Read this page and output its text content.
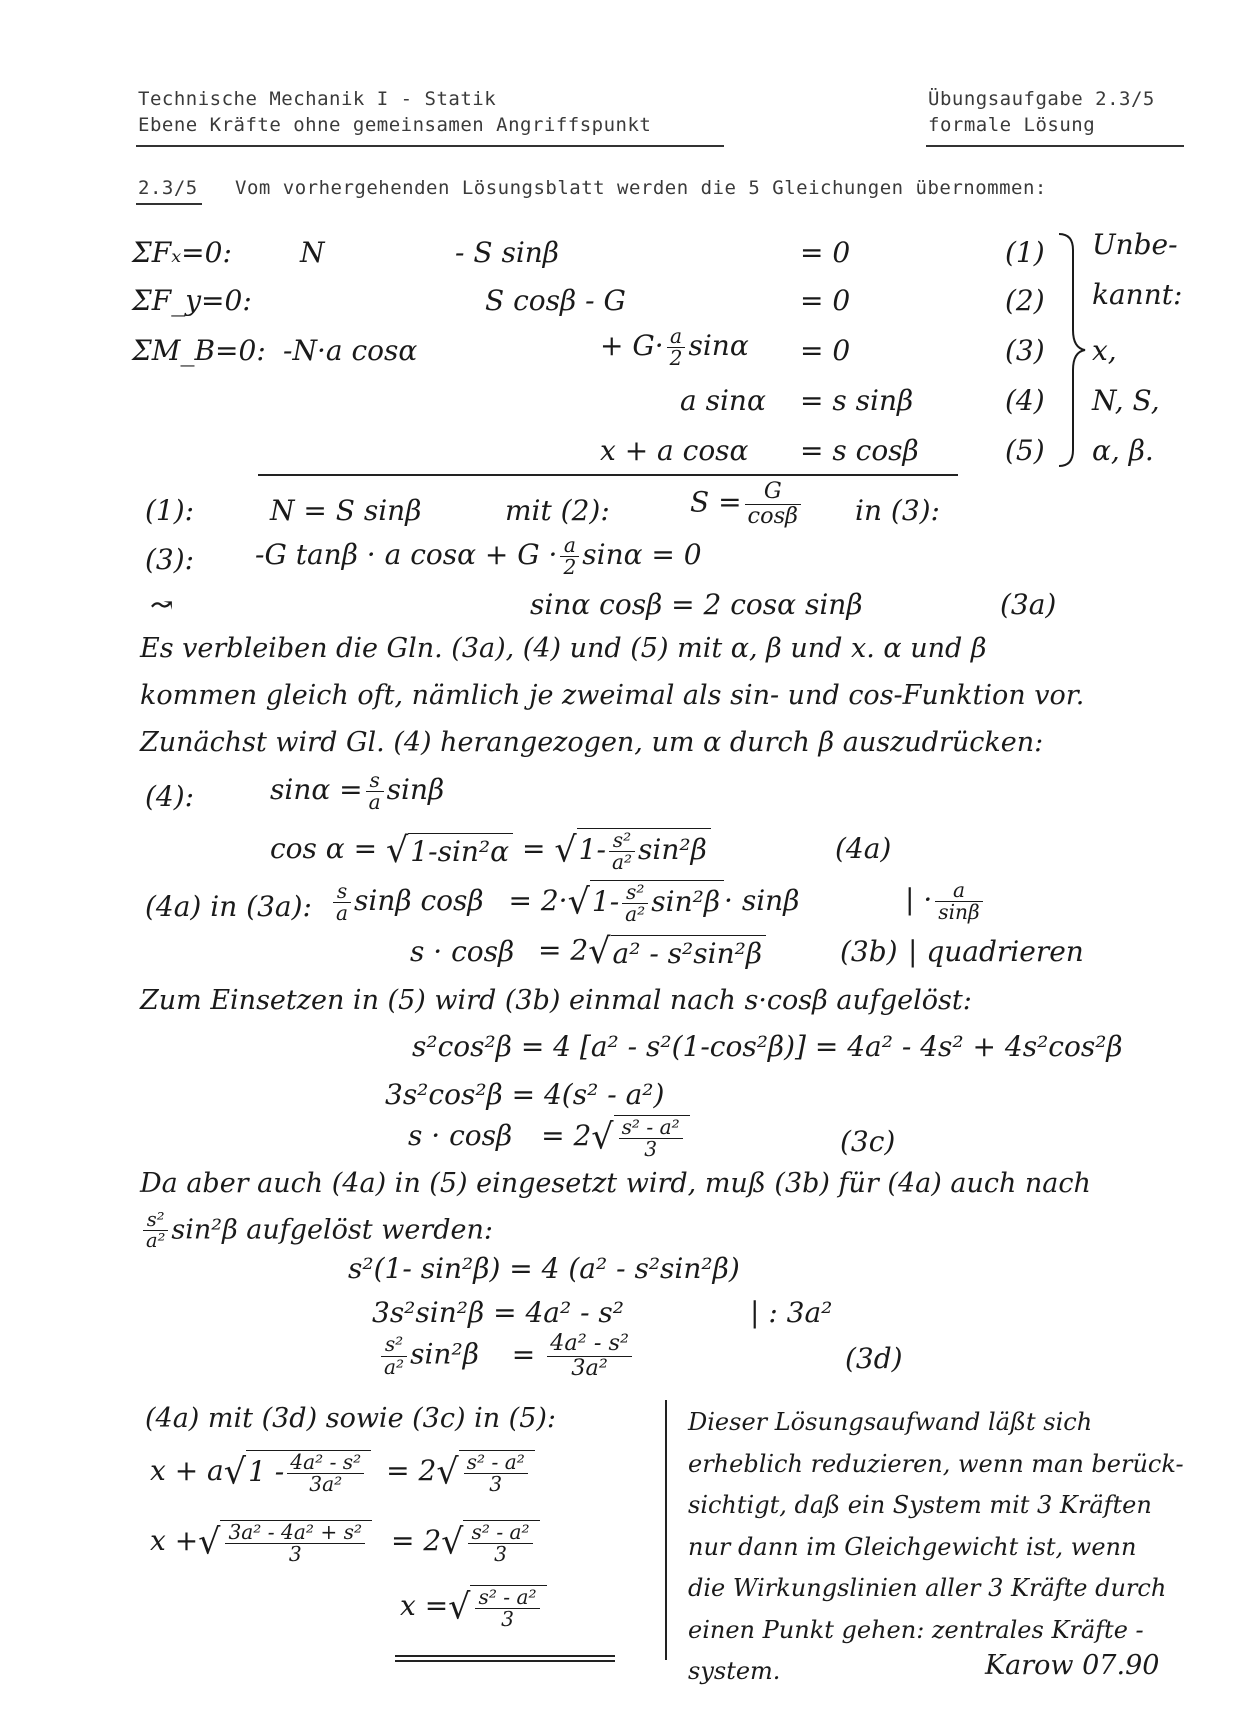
Technische Mechanik I - Statik
Ebene Kräfte ohne gemeinsamen Angriffspunkt
Übungsaufgabe 2.3/5
formale Lösung
2.3/5 Vom vorhergehenden Lösungsblatt werden die 5 Gleichungen übernommen:
ΣFₓ=0: N	- S sinβ	= 0	(1)
ΣF_y=0:	S cosβ - G	= 0	(2)
ΣM_B=0: -N·a cosα	+ $G\cdot \frac{a}{2}$ sinα = 0	(3)
a sinα = s sinβ	(4)
x + a cosα = s cosβ	(5)
Unbe-
kannt:
x,
N, S,
α, β.
(1):	N = S sinβ	mit (2):	$S = \frac{G}{\cos\beta}$ in (3):
(3): -G tanβ · a $\cos\alpha + G \cdot \frac{a}{2}$ sinα = 0
↝	sinα cosβ = 2 cosα sinβ	(3a)
Es verbleiben die Gln. (3a), (4) und (5) mit α, β und x. α und β
kommen gleich oft, nämlich je zweimal als sin- und cos-Funktion vor.
Zunächst wird Gl. (4) herangezogen, um α durch β auszudrücken:
(4):	$\sin\alpha = \frac{s}{a}$ sinβ
$\cos \alpha = √1-\sin^2\alpha = √1- \frac{\text{s²}}{\text{a²}} \sin^2\beta$	(4a)
(4a) in (3a): $\frac{s}{a}$ sinβ $\cos\beta = 2\cdot√1- \frac{\text{s²}}{\text{a²}} \sin^2\beta \cdot \sin\beta$	| · $\frac{a}{\sin\beta}$
s · cosβ = 2√a² - s²sin²β	(3b) | quadrieren
Zum Einsetzen in (5) wird (3b) einmal nach s·cosβ aufgelöst:
s²cos²β = 4 [a² - s²(1-cos²β)] = 4a² - 4s² + 4s²cos²β
3s²cos²β = 4(s² - a²)
$s \cdot \cos\beta = 2√ \frac{\text{s² - a²}}{3}$	(3c)
Da aber auch (4a) in (5) eingesetzt wird, muß (3b) für (4a) auch nach
$\frac{\text{s²}}{\text{a²}} \sin^2\beta$ aufgelöst werden:
s²(1- sin²β) = 4 (a² - s²sin²β)
3s²sin²β = 4a² - s²	| : 3a²
$\frac{\text{s²}}{\text{a²}} \sin^2\beta = \frac{\text{4a² - s²}}{\text{3a²}}$	(3d)
(4a) mit (3d) sowie (3c) in (5):
$x + a√1 - \frac{\text{4a² - s²}}{\text{3a²}} = 2√ \frac{\text{s² - a²}}{3}$
x +√ $\frac{\text{3a² - 4a² + s²}}{3} = 2√ \frac{\text{s² - a²}}{3}$
x =√ $\frac{\text{s² - a²}}{3}$
Dieser Lösungsaufwand läßt sich
erheblich reduzieren, wenn man berück-
sichtigt, daß ein System mit 3 Kräften
nur dann im Gleichgewicht ist, wenn
die Wirkungslinien aller 3 Kräfte durch
einen Punkt gehen: zentrales Kräfte -
system.	Karow 07.90
